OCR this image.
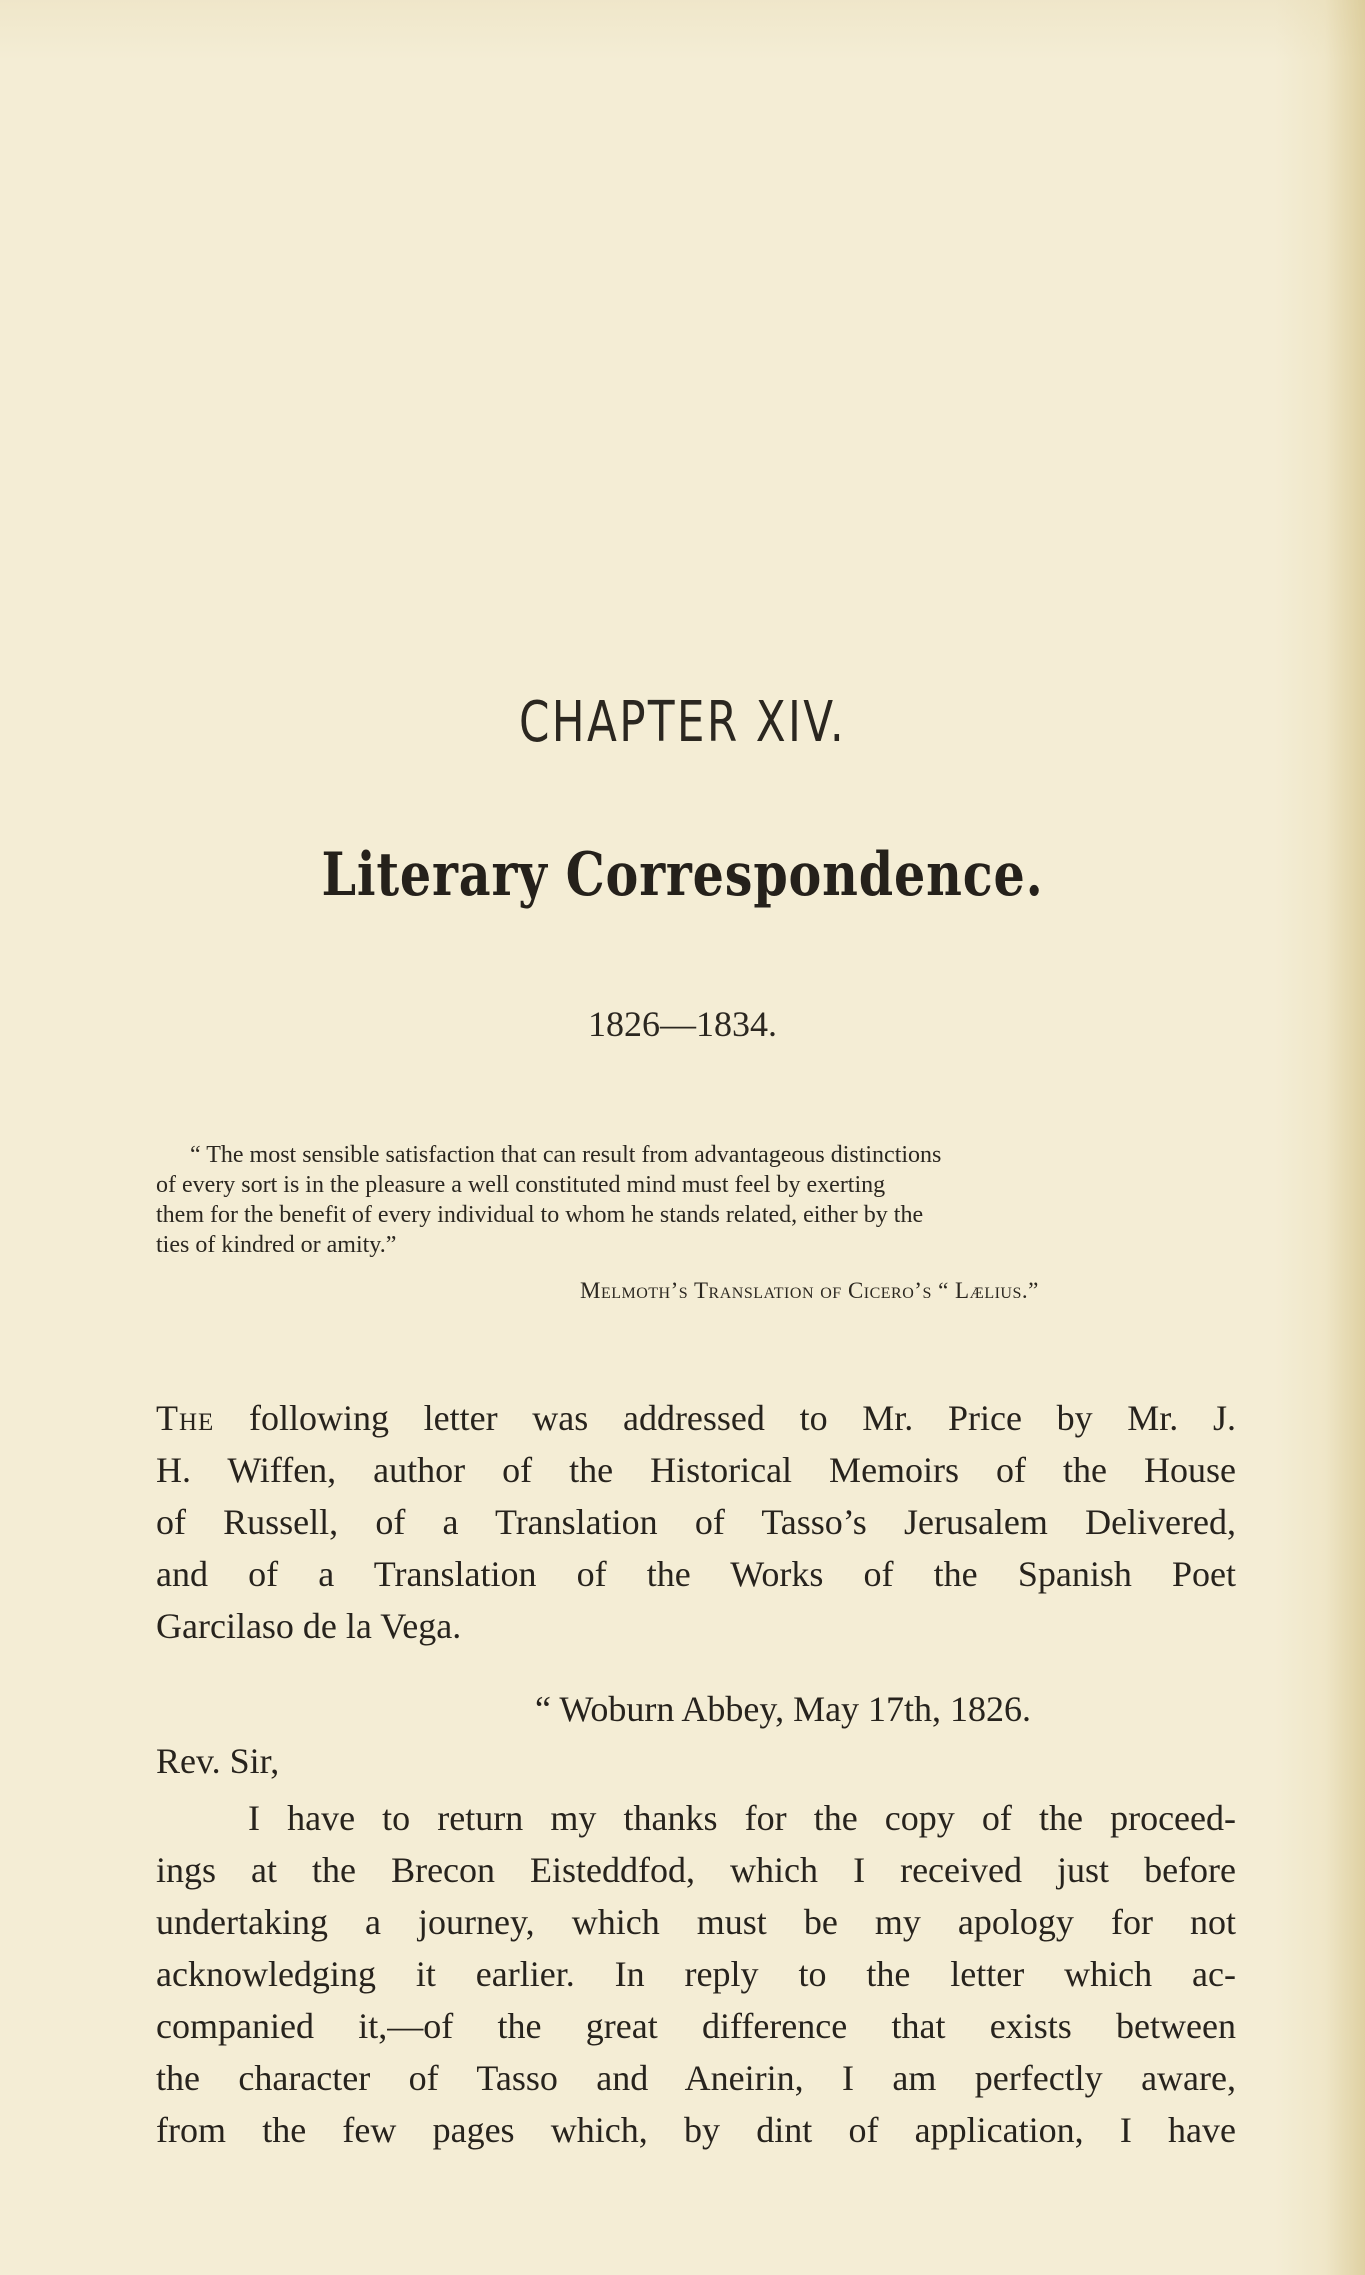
CHAPTER XIV.
Literary Correspondence.
1826—1834.
“ The most sensible satisfaction that can result from advantageous distinctions
of every sort is in the pleasure a well constituted mind must feel by exerting
them for the benefit of every individual to whom he stands related, either by the
ties of kindred or amity.”
Melmoth’s Translation of Cicero’s “ Lælius.”
The following letter was addressed to Mr. Price by Mr. J.
H. Wiffen, author of the Historical Memoirs of the House
of Russell, of a Translation of Tasso’s Jerusalem Delivered,
and of a Translation of the Works of the Spanish Poet
Garcilaso de la Vega.
“ Woburn Abbey, May 17th, 1826.
Rev. Sir,
I have to return my thanks for the copy of the proceed-
ings at the Brecon Eisteddfod, which I received just before
undertaking a journey, which must be my apology for not
acknowledging it earlier. In reply to the letter which ac-
companied it,—of the great difference that exists between
the character of Tasso and Aneirin, I am perfectly aware,
from the few pages which, by dint of application, I have
